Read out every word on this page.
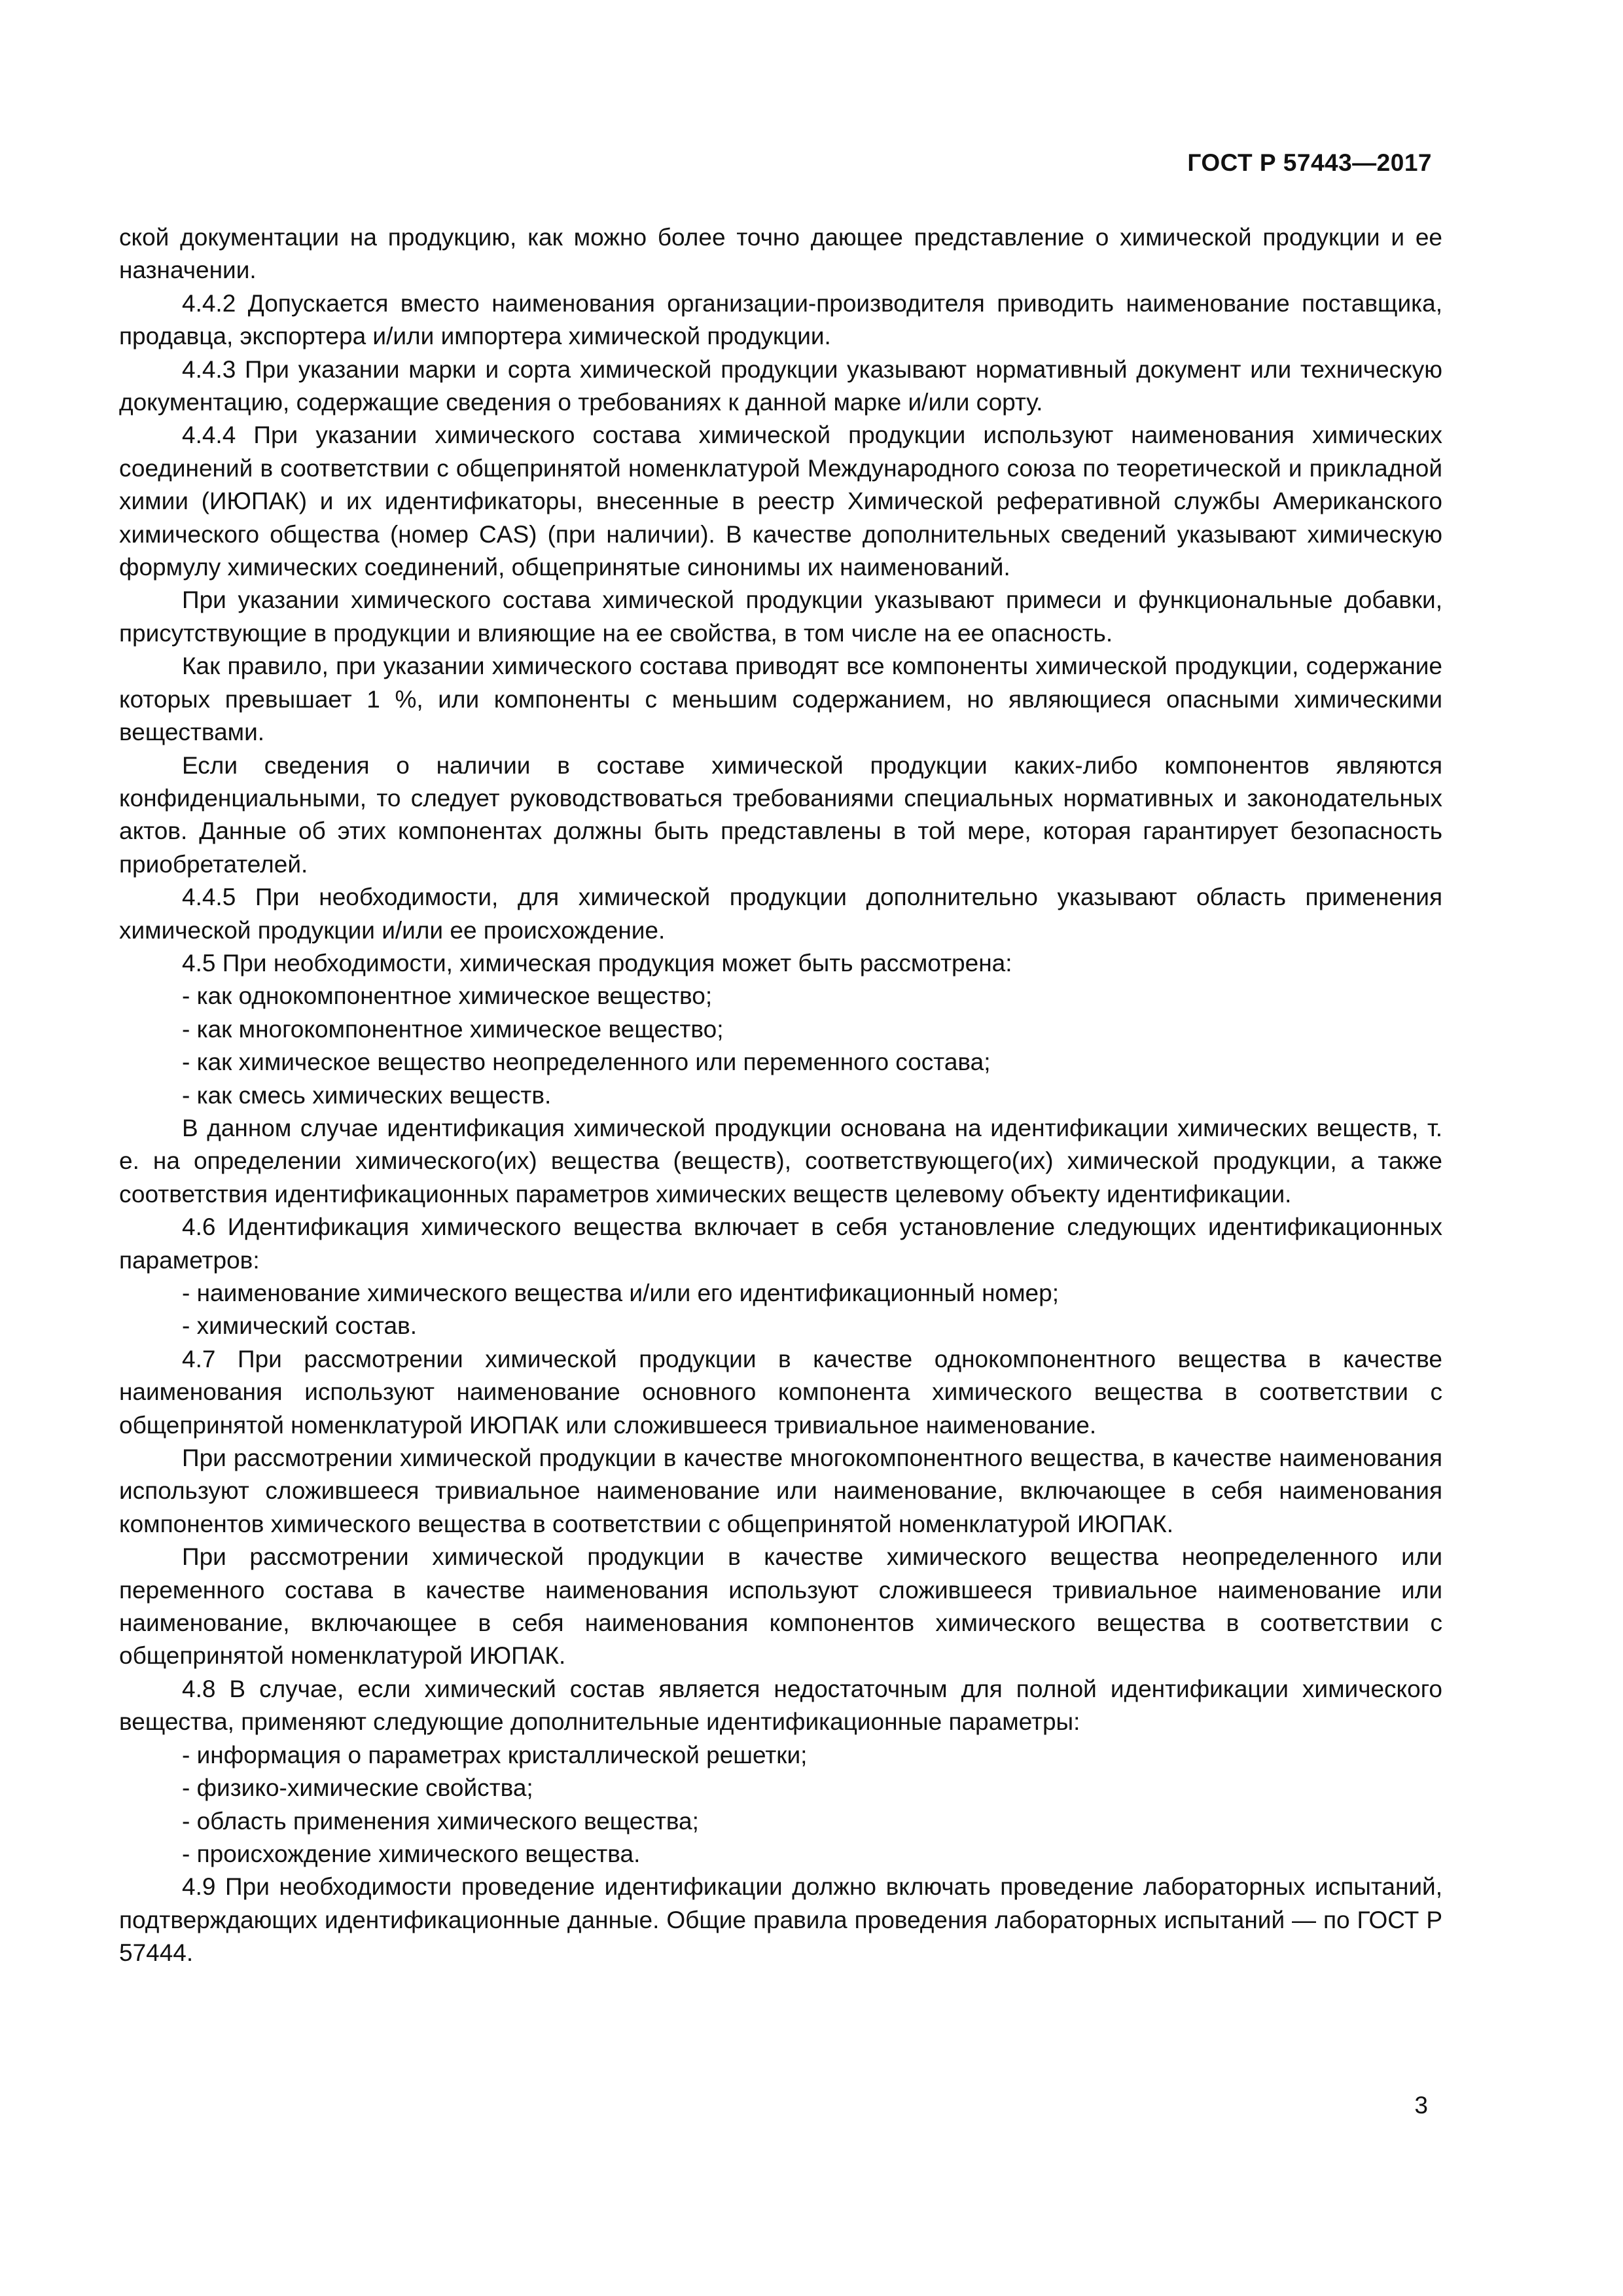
ГОСТ Р 57443—2017

ской документации на продукцию, как можно более точно дающее представление о химической продукции и ее назначении.

4.4.2 Допускается вместо наименования организации-производителя приводить наименование поставщика, продавца, экспортера и/или импортера химической продукции.

4.4.3 При указании марки и сорта химической продукции указывают нормативный документ или техническую документацию, содержащие сведения о требованиях к данной марке и/или сорту.

4.4.4 При указании химического состава химической продукции используют наименования химических соединений в соответствии с общепринятой номенклатурой Международного союза по теоретической и прикладной химии (ИЮПАК) и их идентификаторы, внесенные в реестр Химической реферативной службы Американского химического общества (номер CAS) (при наличии). В качестве дополнительных сведений указывают химическую формулу химических соединений, общепринятые синонимы их наименований.

При указании химического состава химической продукции указывают примеси и функциональные добавки, присутствующие в продукции и влияющие на ее свойства, в том числе на ее опасность.

Как правило, при указании химического состава приводят все компоненты химической продукции, содержание которых превышает 1 %, или компоненты с меньшим содержанием, но являющиеся опасными химическими веществами.

Если сведения о наличии в составе химической продукции каких-либо компонентов являются конфиденциальными, то следует руководствоваться требованиями специальных нормативных и законодательных актов. Данные об этих компонентах должны быть представлены в той мере, которая гарантирует безопасность приобретателей.

4.4.5 При необходимости, для химической продукции дополнительно указывают область применения химической продукции и/или ее происхождение.

4.5 При необходимости, химическая продукция может быть рассмотрена:

- как однокомпонентное химическое вещество;

- как многокомпонентное химическое вещество;

- как химическое вещество неопределенного или переменного состава;

- как смесь химических веществ.

В данном случае идентификация химической продукции основана на идентификации химических веществ, т. е. на определении химического(их) вещества (веществ), соответствующего(их) химической продукции, а также соответствия идентификационных параметров химических веществ целевому объекту идентификации.

4.6 Идентификация химического вещества включает в себя установление следующих идентификационных параметров:

- наименование химического вещества и/или его идентификационный номер;

- химический состав.

4.7 При рассмотрении химической продукции в качестве однокомпонентного вещества в качестве наименования используют наименование основного компонента химического вещества в соответствии с общепринятой номенклатурой ИЮПАК или сложившееся тривиальное наименование.

При рассмотрении химической продукции в качестве многокомпонентного вещества, в качестве наименования используют сложившееся тривиальное наименование или наименование, включающее в себя наименования компонентов химического вещества в соответствии с общепринятой номенклатурой ИЮПАК.

При рассмотрении химической продукции в качестве химического вещества неопределенного или переменного состава в качестве наименования используют сложившееся тривиальное наименование или наименование, включающее в себя наименования компонентов химического вещества в соответствии с общепринятой номенклатурой ИЮПАК.

4.8 В случае, если химический состав является недостаточным для полной идентификации химического вещества, применяют следующие дополнительные идентификационные параметры:

- информация о параметрах кристаллической решетки;

- физико-химические свойства;

- область применения химического вещества;

- происхождение химического вещества.

4.9 При необходимости проведение идентификации должно включать проведение лабораторных испытаний, подтверждающих идентификационные данные. Общие правила проведения лабораторных испытаний — по ГОСТ Р 57444.

3
